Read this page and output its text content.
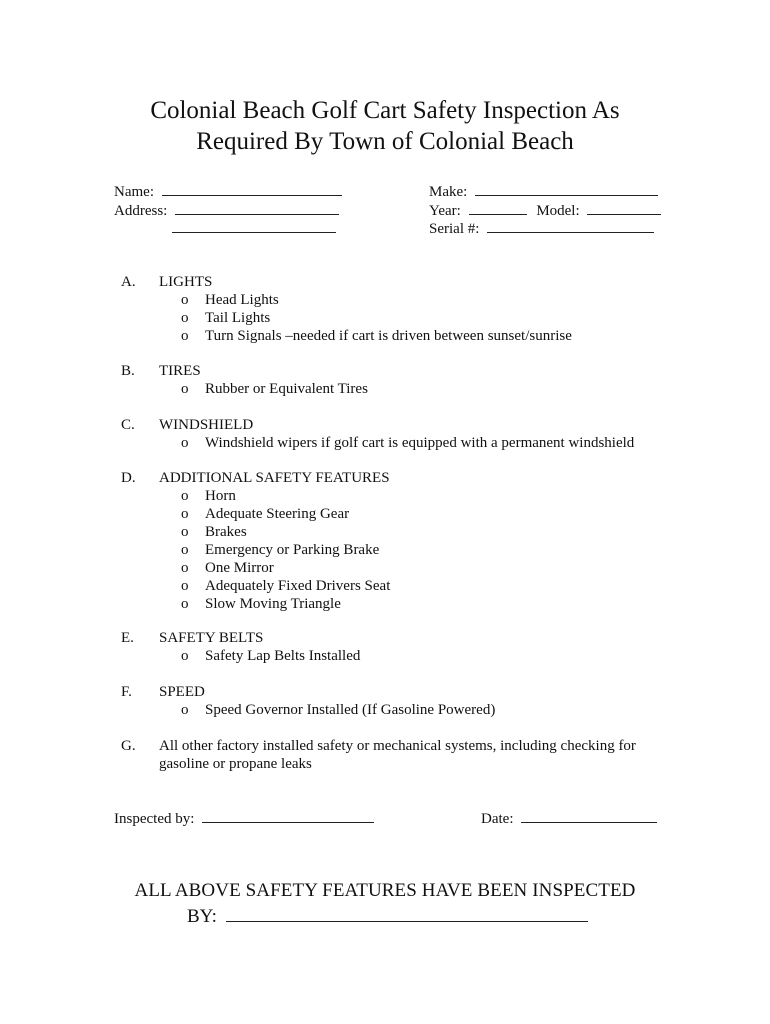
Colonial Beach Golf Cart Safety Inspection As
Required By Town of Colonial Beach
Name:
Address:
Make:
Year:	Model:
Serial #:
A.	LIGHTS
o Head Lights
o Tail Lights
o Turn Signals –needed if cart is driven between sunset/sunrise
B.	TIRES
o Rubber or Equivalent Tires
C.	WINDSHIELD
o Windshield wipers if golf cart is equipped with a permanent windshield
D.	ADDITIONAL SAFETY FEATURES
o Horn
o Adequate Steering Gear
o Brakes
o Emergency or Parking Brake
o One Mirror
o Adequately Fixed Drivers Seat
o Slow Moving Triangle
E.	SAFETY BELTS
o Safety Lap Belts Installed
F.	SPEED
o Speed Governor Installed (If Gasoline Powered)
G.	All other factory installed safety or mechanical systems, including checking for gasoline or propane leaks
Inspected by:	Date:
ALL ABOVE SAFETY FEATURES HAVE BEEN INSPECTED
BY:
